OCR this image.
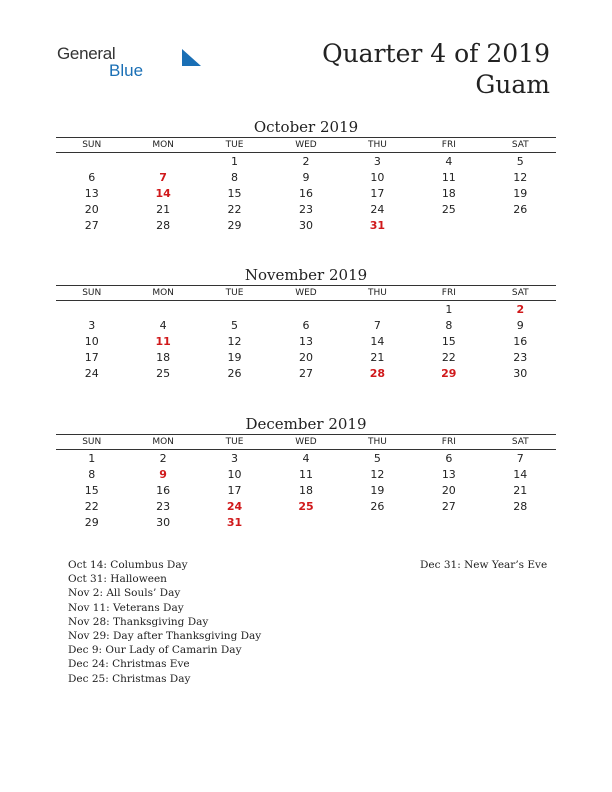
General
Blue
Quarter 4 of 2019
Guam
October 2019
SUN	MON	TUE	WED	THU	FRI	SAT
		1	2	3	4	5
6	7	8	9	10	11	12
13	14	15	16	17	18	19
20	21	22	23	24	25	26
27	28	29	30	31		
November 2019
SUN	MON	TUE	WED	THU	FRI	SAT
					1	2
3	4	5	6	7	8	9
10	11	12	13	14	15	16
17	18	19	20	21	22	23
24	25	26	27	28	29	30
December 2019
SUN	MON	TUE	WED	THU	FRI	SAT
1	2	3	4	5	6	7
8	9	10	11	12	13	14
15	16	17	18	19	20	21
22	23	24	25	26	27	28
29	30	31				
Oct 14: Columbus Day
Oct 31: Halloween
Nov 2: All Souls’ Day
Nov 11: Veterans Day
Nov 28: Thanksgiving Day
Nov 29: Day after Thanksgiving Day
Dec 9: Our Lady of Camarin Day
Dec 24: Christmas Eve
Dec 25: Christmas Day
Dec 31: New Year’s Eve
